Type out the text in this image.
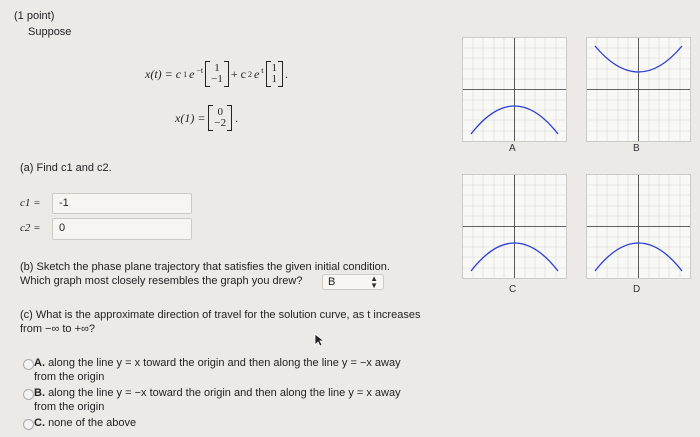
(1 point)
Suppose
x(t) = c 1 e $^{-t}$ 1
−1 + c 2 e $^t$ 1
1 .
x(1) = 0
−2 .
(a) Find c1 and c2.
c1 =	-1
c2 =	0
(b) Sketch the phase plane trajectory that satisfies the given initial condition.
Which graph most closely resembles the graph you drew?	B	▲
▼
(c) What is the approximate direction of travel for the solution curve, as t increases
from −∞ to +∞?
A. along the line y = x toward the origin and then along the line y = −x away
from the origin
B. along the line y = −x toward the origin and then along the line y = x away
from the origin
C. none of the above
A	B
C	D
